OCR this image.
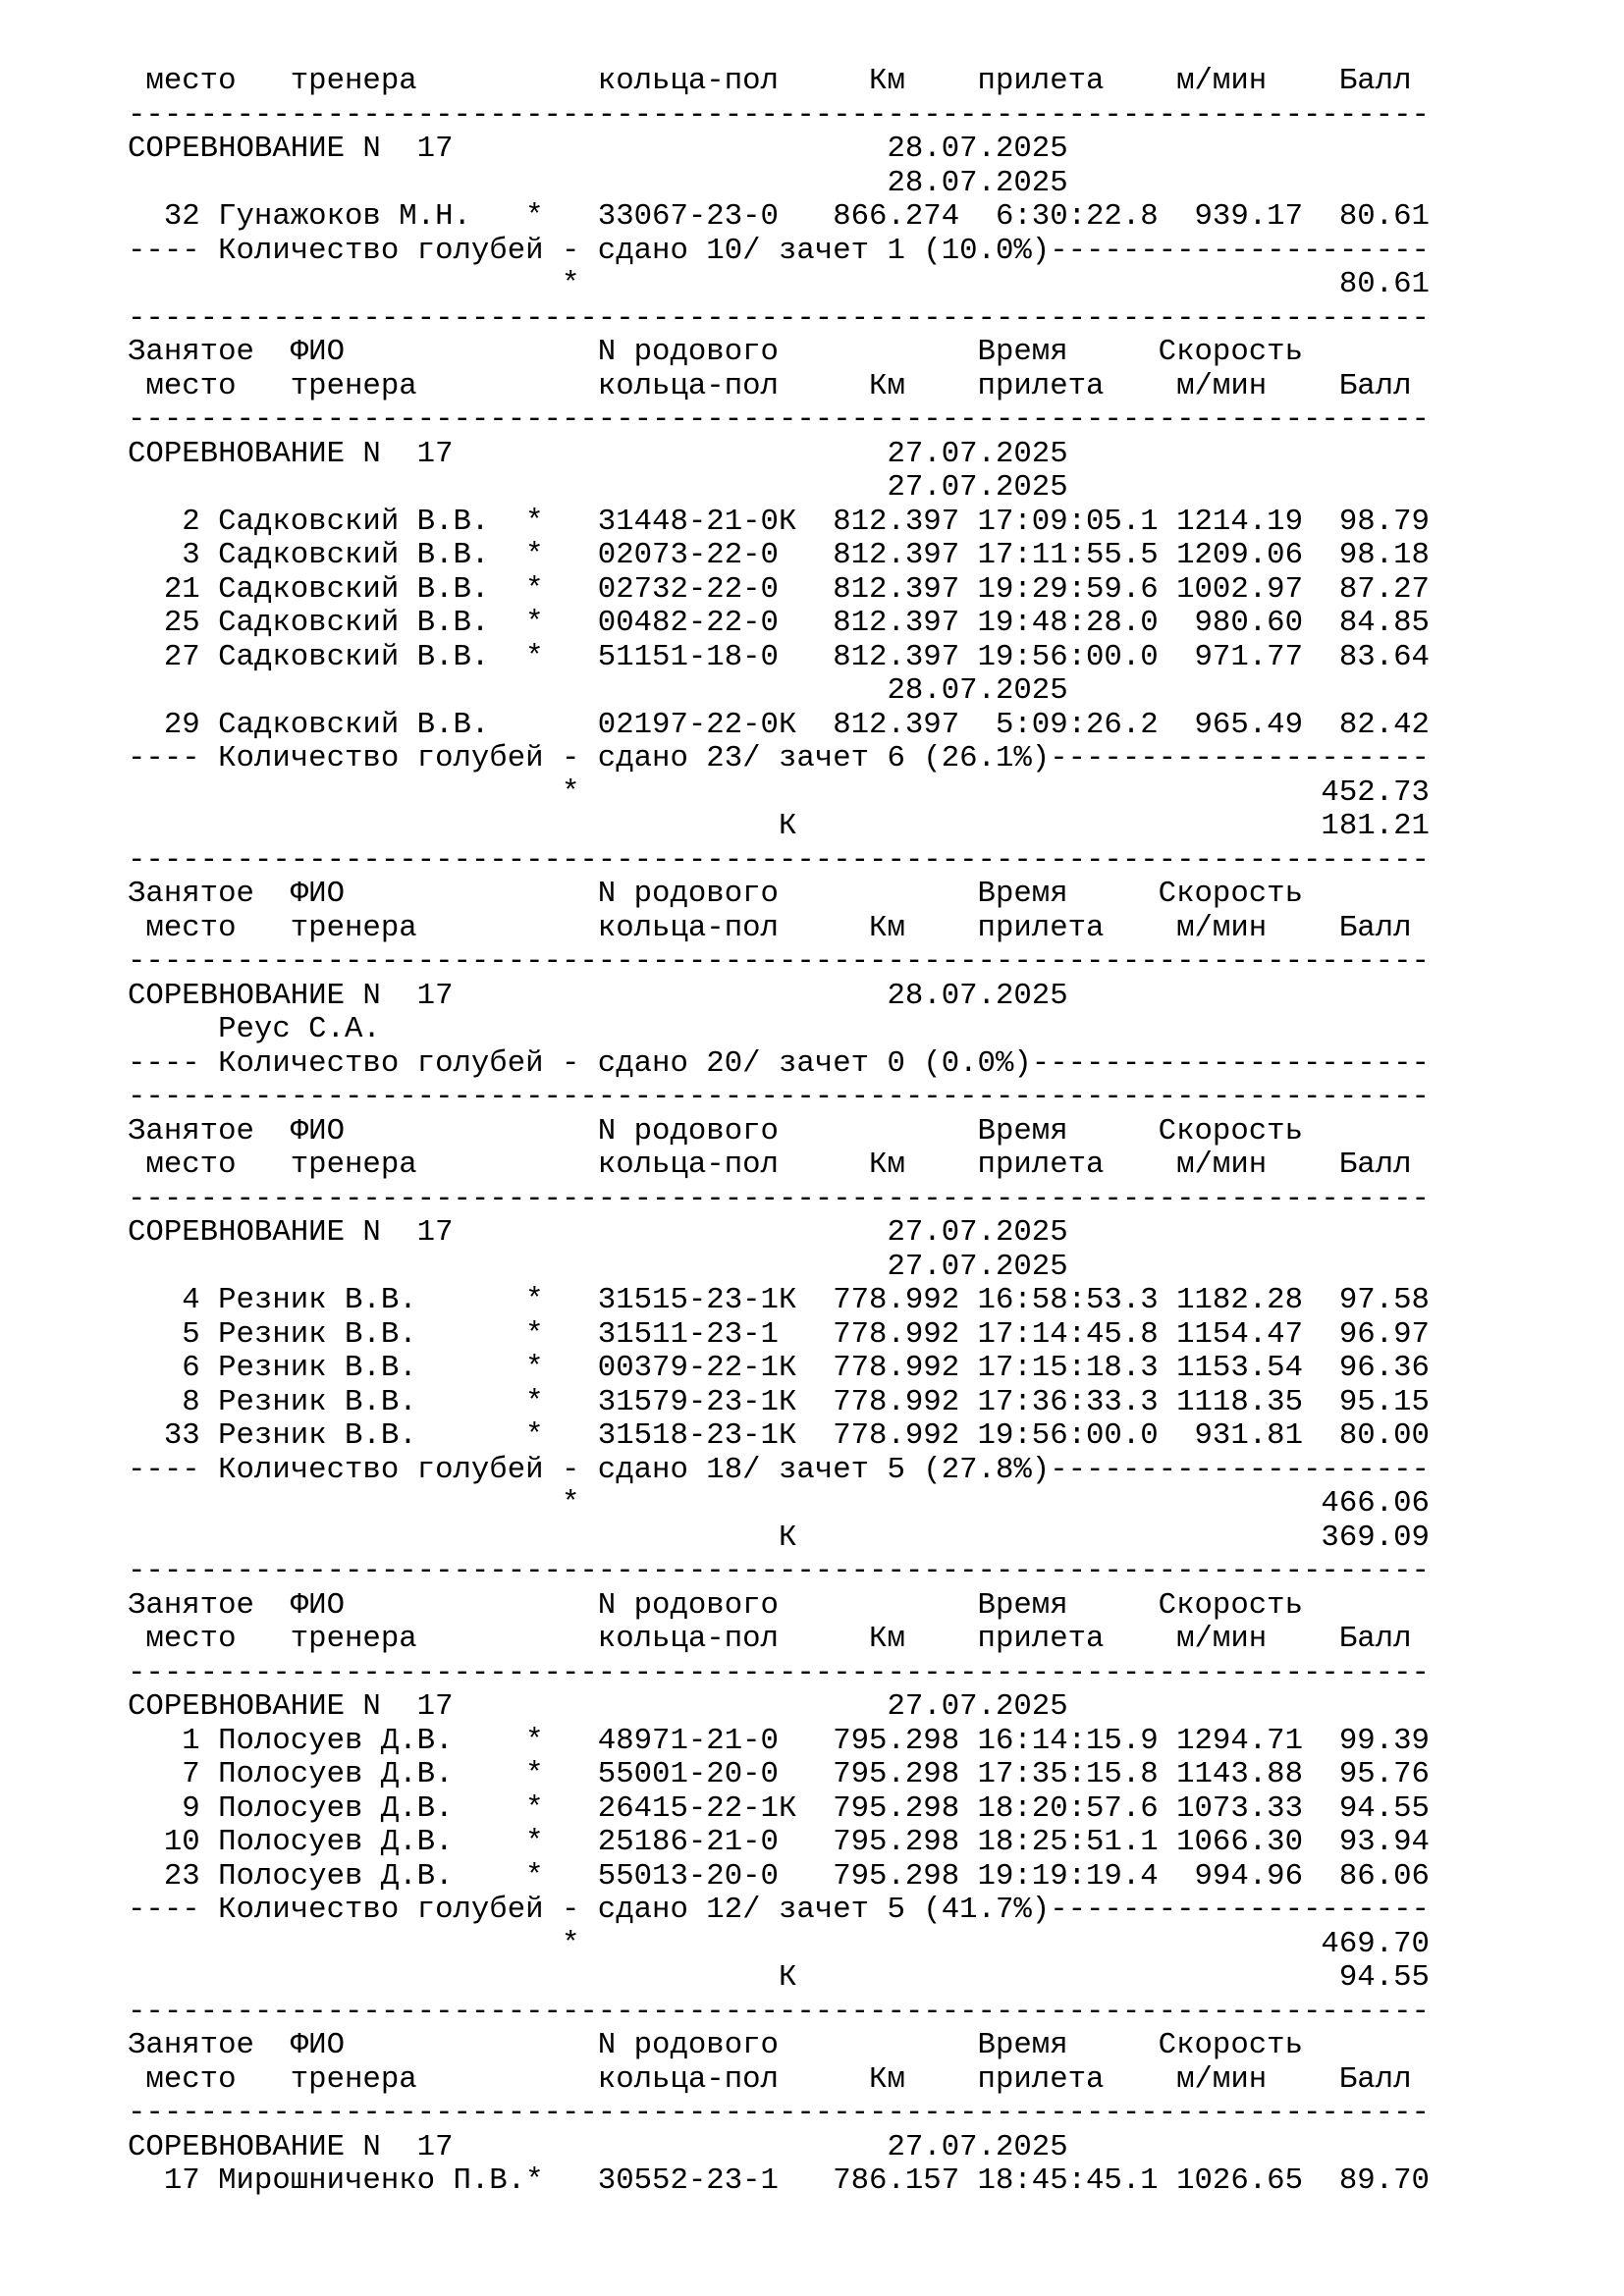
место   тренера          кольца-пол     Км    прилета    м/мин    Балл
------------------------------------------------------------------------
СОРЕВНОВАНИЕ N  17                        28.07.2025
28.07.2025
32 Гунажоков М.Н.   *   33067-23-0   866.274  6:30:22.8  939.17  80.61
---- Количество голубей - сдано 10/ зачет 1 (10.0%)---------------------
*                                          80.61
------------------------------------------------------------------------
Занятое  ФИО              N родового           Время     Скорость
место   тренера          кольца-пол     Км    прилета    м/мин    Балл
------------------------------------------------------------------------
СОРЕВНОВАНИЕ N  17                        27.07.2025
27.07.2025
2 Садковский В.В.  *   31448-21-0К  812.397 17:09:05.1 1214.19  98.79
3 Садковский В.В.  *   02073-22-0   812.397 17:11:55.5 1209.06  98.18
21 Садковский В.В.  *   02732-22-0   812.397 19:29:59.6 1002.97  87.27
25 Садковский В.В.  *   00482-22-0   812.397 19:48:28.0  980.60  84.85
27 Садковский В.В.  *   51151-18-0   812.397 19:56:00.0  971.77  83.64
28.07.2025
29 Садковский В.В.      02197-22-0К  812.397  5:09:26.2  965.49  82.42
---- Количество голубей - сдано 23/ зачет 6 (26.1%)---------------------
*                                         452.73
К                             181.21
------------------------------------------------------------------------
Занятое  ФИО              N родового           Время     Скорость
место   тренера          кольца-пол     Км    прилета    м/мин    Балл
------------------------------------------------------------------------
СОРЕВНОВАНИЕ N  17                        28.07.2025
Реус С.А.
---- Количество голубей - сдано 20/ зачет 0 (0.0%)----------------------
------------------------------------------------------------------------
Занятое  ФИО              N родового           Время     Скорость
место   тренера          кольца-пол     Км    прилета    м/мин    Балл
------------------------------------------------------------------------
СОРЕВНОВАНИЕ N  17                        27.07.2025
27.07.2025
4 Резник В.В.      *   31515-23-1К  778.992 16:58:53.3 1182.28  97.58
5 Резник В.В.      *   31511-23-1   778.992 17:14:45.8 1154.47  96.97
6 Резник В.В.      *   00379-22-1К  778.992 17:15:18.3 1153.54  96.36
8 Резник В.В.      *   31579-23-1К  778.992 17:36:33.3 1118.35  95.15
33 Резник В.В.      *   31518-23-1К  778.992 19:56:00.0  931.81  80.00
---- Количество голубей - сдано 18/ зачет 5 (27.8%)---------------------
*                                         466.06
К                             369.09
------------------------------------------------------------------------
Занятое  ФИО              N родового           Время     Скорость
место   тренера          кольца-пол     Км    прилета    м/мин    Балл
------------------------------------------------------------------------
СОРЕВНОВАНИЕ N  17                        27.07.2025
1 Полосуев Д.В.    *   48971-21-0   795.298 16:14:15.9 1294.71  99.39
7 Полосуев Д.В.    *   55001-20-0   795.298 17:35:15.8 1143.88  95.76
9 Полосуев Д.В.    *   26415-22-1К  795.298 18:20:57.6 1073.33  94.55
10 Полосуев Д.В.    *   25186-21-0   795.298 18:25:51.1 1066.30  93.94
23 Полосуев Д.В.    *   55013-20-0   795.298 19:19:19.4  994.96  86.06
---- Количество голубей - сдано 12/ зачет 5 (41.7%)---------------------
*                                         469.70
К                              94.55
------------------------------------------------------------------------
Занятое  ФИО              N родового           Время     Скорость
место   тренера          кольца-пол     Км    прилета    м/мин    Балл
------------------------------------------------------------------------
СОРЕВНОВАНИЕ N  17                        27.07.2025
17 Мирошниченко П.В.*   30552-23-1   786.157 18:45:45.1 1026.65  89.70
